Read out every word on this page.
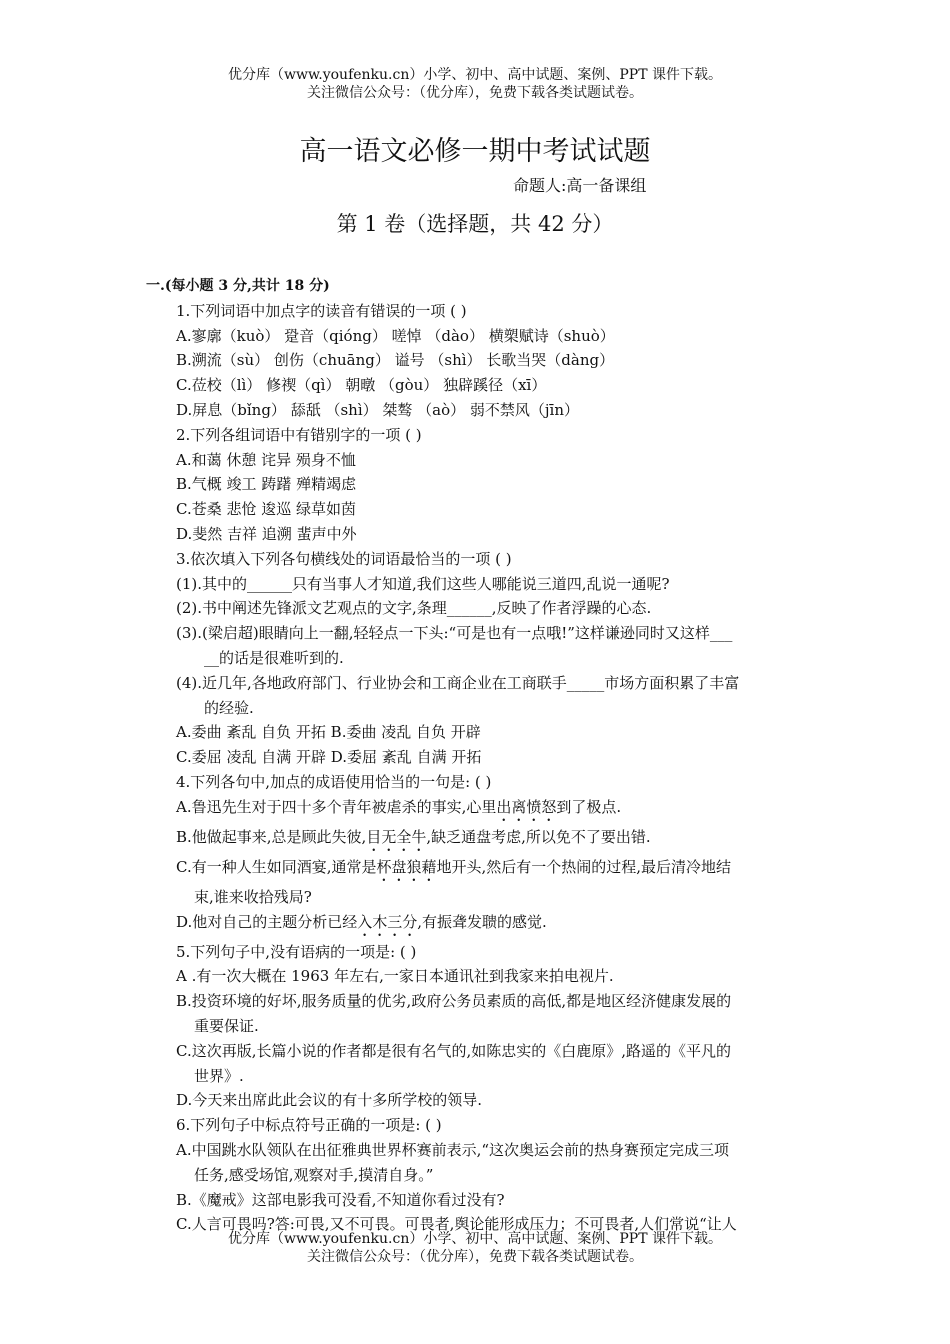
优分库（www.youfenku.cn）小学、初中、高中试题、案例、PPT 课件下载。
关注微信公众号：（优分库），免费下载各类试题试卷。
高一语文必修一期中考试试题
命题人:高一备课组
第 1 卷（选择题，共 42 分）
一.(每小题 3 分,共计 18 分)
1.下列词语中加点字的读音有错误的一项 ( )
A.寥廓（kuò） 跫音（qióng） 嗟悼 （dào） 横槊赋诗（shuò）
B.溯流（sù） 创伤（chuāng） 谥号 （shì） 长歌当哭（dàng）
C.莅校（lì） 修禊（qì） 朝暾 （gòu） 独辟蹊径（xī）
D.屏息（bǐng） 舔舐 （shì） 桀骜 （aò） 弱不禁风（jīn）
2.下列各组词语中有错别字的一项 ( )
A.和蔼 休憩 诧异 殒身不恤
B.气概 竣工 踌躇 殚精竭虑
C.苍桑 悲怆 逡巡 绿草如茵
D.斐然 吉祥 追溯 蜚声中外
3.依次填入下列各句横线处的词语最恰当的一项 ( )
(1).其中的______只有当事人才知道,我们这些人哪能说三道四,乱说一通呢?
(2).书中阐述先锋派文艺观点的文字,条理______,反映了作者浮躁的心态.
(3).(梁启超)眼睛向上一翻,轻轻点一下头:“可是也有一点哦!”这样谦逊同时又这样___
__的话是很难听到的.
(4).近几年,各地政府部门、行业协会和工商企业在工商联手_____市场方面积累了丰富
的经验.
A.委曲 紊乱 自负 开拓 B.委曲 凌乱 自负 开辟
C.委屈 凌乱 自满 开辟 D.委屈 紊乱 自满 开拓
4.下列各句中,加点的成语使用恰当的一句是: ( )
A.鲁迅先生对于四十多个青年被虐杀的事实,心里出离愤怒到了极点.
B.他做起事来,总是顾此失彼,目无全牛,缺乏通盘考虑,所以免不了要出错.
C.有一种人生如同酒宴,通常是杯盘狼藉地开头,然后有一个热闹的过程,最后清冷地结
束,谁来收拾残局?
D.他对自己的主题分析已经入木三分,有振聋发聩的感觉.
5.下列句子中,没有语病的一项是: ( )
A .有一次大概在 1963 年左右,一家日本通讯社到我家来拍电视片.
B.投资环境的好坏,服务质量的优劣,政府公务员素质的高低,都是地区经济健康发展的
重要保证.
C.这次再版,长篇小说的作者都是很有名气的,如陈忠实的《白鹿原》,路遥的《平凡的
世界》.
D.今天来出席此此会议的有十多所学校的领导.
6.下列句子中标点符号正确的一项是: ( )
A.中国跳水队领队在出征雅典世界杯赛前表示,“这次奥运会前的热身赛预定完成三项
任务,感受场馆,观察对手,摸清自身。”
B.《魔戒》这部电影我可没看,不知道你看过没有?
C.人言可畏吗?答:可畏,又不可畏。可畏者,舆论能形成压力；不可畏者,人们常说“让人
优分库（www.youfenku.cn）小学、初中、高中试题、案例、PPT 课件下载。
关注微信公众号：（优分库），免费下载各类试题试卷。
